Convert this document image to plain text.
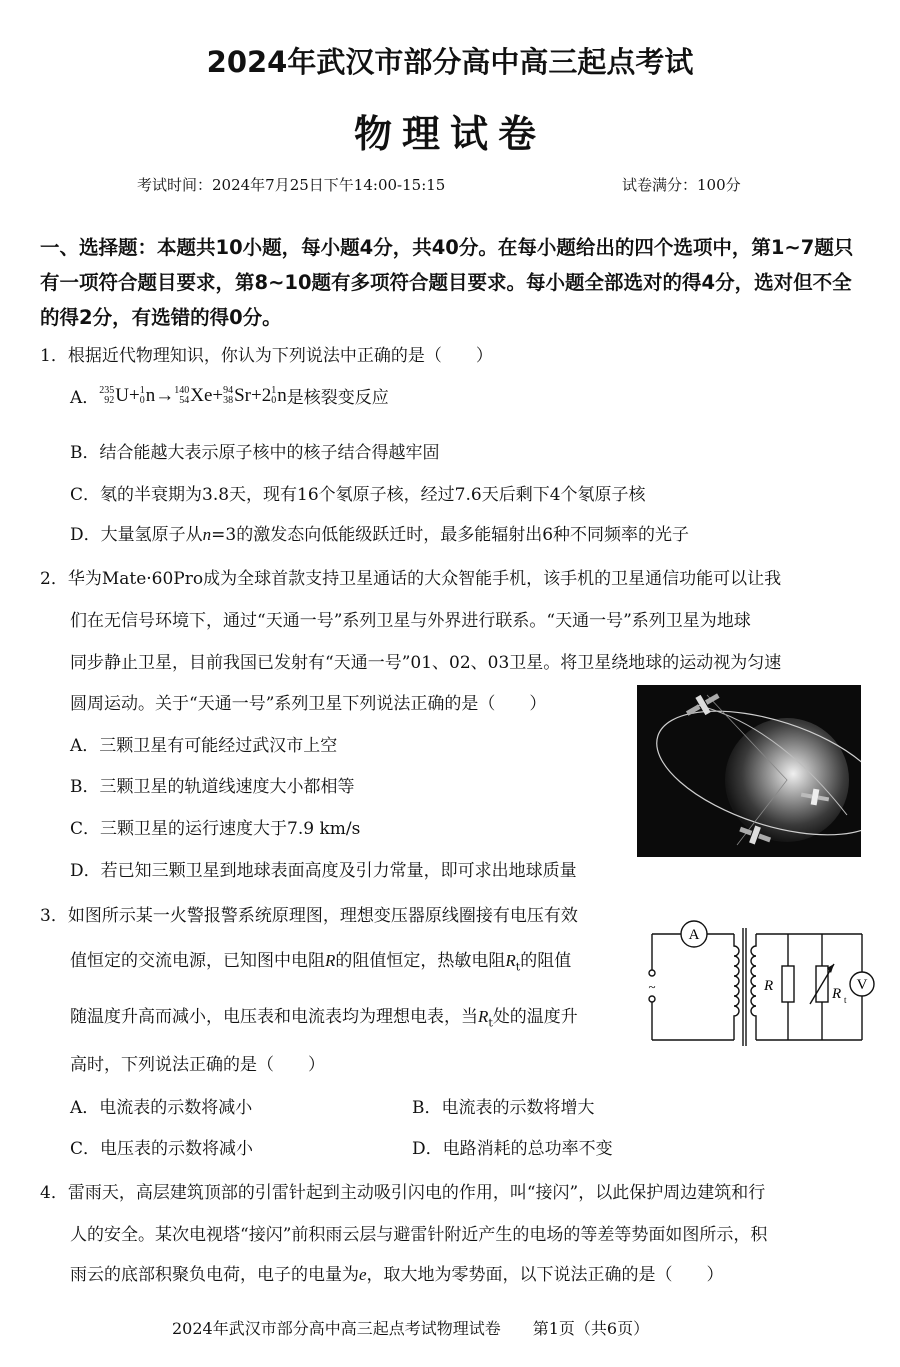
2024年武汉市部分高中高三起点考试
物理试卷
考试时间：2024年7月25日下午14:00-15:15	试卷满分：100分
一、选择题：本题共10小题，每小题4分，共40分。在每小题给出的四个选项中，第1~7题只有一项符合题目要求，第8~10题有多项符合题目要求。每小题全部选对的得4分，选对但不全的得2分，有选错的得0分。
1．根据近代物理知识，你认为下列说法中正确的是（　　）
A． 235
92 U + 1
0 n → 140
54 Xe + 94
38 Sr + 2 1
0 n 是核裂变反应
B．结合能越大表示原子核中的核子结合得越牢固
C．氡的半衰期为3.8天，现有16个氡原子核，经过7.6天后剩下4个氡原子核
D．大量氢原子从n=3的激发态向低能级跃迁时，最多能辐射出6种不同频率的光子
2．华为Mate·60Pro成为全球首款支持卫星通话的大众智能手机，该手机的卫星通信功能可以让我
们在无信号环境下，通过“天通一号”系列卫星与外界进行联系。“天通一号”系列卫星为地球
同步静止卫星，目前我国已发射有“天通一号”01、02、03卫星。将卫星绕地球的运动视为匀速
圆周运动。关于“天通一号”系列卫星下列说法正确的是（　　）
A．三颗卫星有可能经过武汉市上空
B．三颗卫星的轨道线速度大小都相等
C．三颗卫星的运行速度大于7.9 km/s
D．若已知三颗卫星到地球表面高度及引力常量，即可求出地球质量
3．如图所示某一火警报警系统原理图，理想变压器原线圈接有电压有效
值恒定的交流电源，已知图中电阻R的阻值恒定，热敏电阻$R_t$的阻值
随温度升高而减小，电压表和电流表均为理想电表，当$R_t$处的温度升
高时，下列说法正确的是（　　）
A．电流表的示数将减小	B．电流表的示数将增大
C．电压表的示数将减小	D．电路消耗的总功率不变
A
V
R	R t
~
4．雷雨天，高层建筑顶部的引雷针起到主动吸引闪电的作用，叫“接闪”，以此保护周边建筑和行
人的安全。某次电视塔“接闪”前积雨云层与避雷针附近产生的电场的等差等势面如图所示，积
雨云的底部积聚负电荷，电子的电量为e，取大地为零势面，以下说法正确的是（　　）
2024年武汉市部分高中高三起点考试物理试卷　　第1页（共6页）
